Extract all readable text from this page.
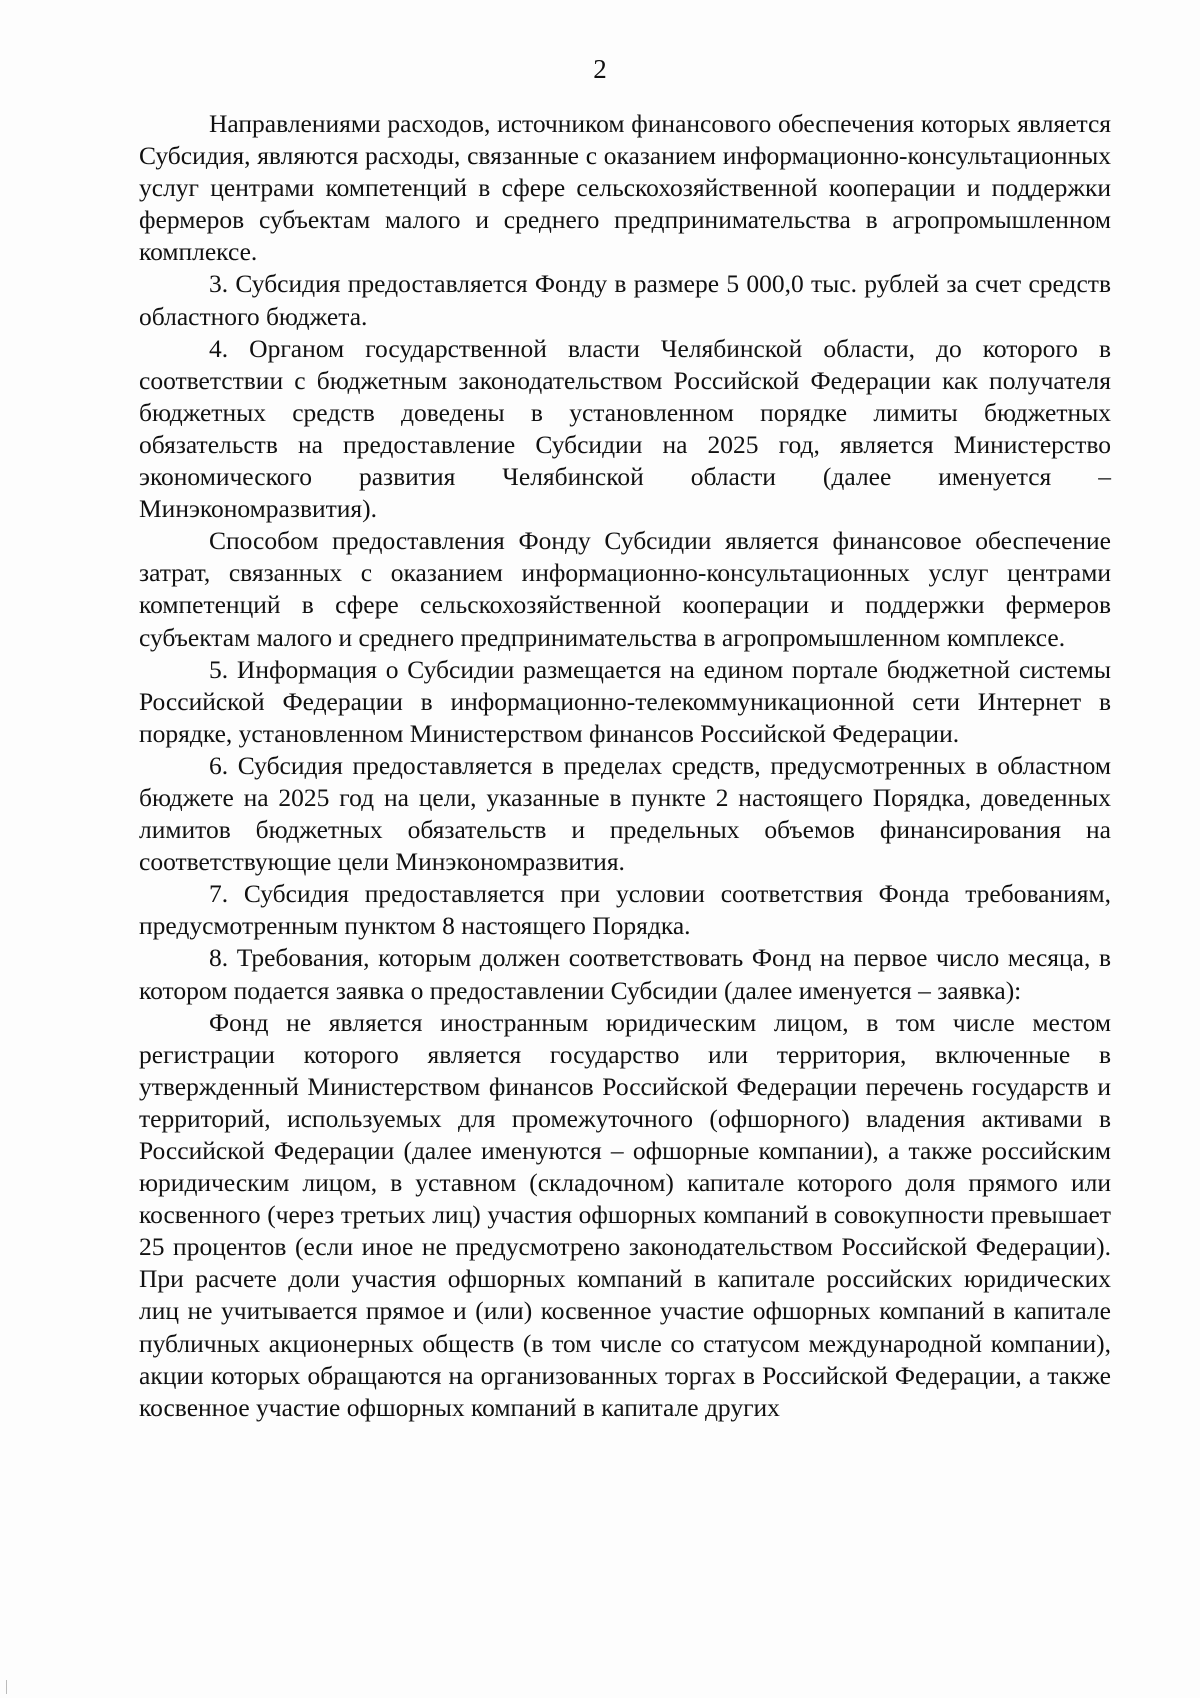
2

Направлениями расходов, источником финансового обеспечения которых является Субсидия, являются расходы, связанные с оказанием информационно-консультационных услуг центрами компетенций в сфере сельскохозяйственной кооперации и поддержки фермеров субъектам малого и среднего предпринимательства в агропромышленном комплексе.

3. Субсидия предоставляется Фонду в размере 5 000,0 тыс. рублей за счет средств областного бюджета.

4. Органом государственной власти Челябинской области, до которого в соответствии с бюджетным законодательством Российской Федерации как получателя бюджетных средств доведены в установленном порядке лимиты бюджетных обязательств на предоставление Субсидии на 2025 год, является Министерство экономического развития Челябинской области (далее именуется – Минэкономразвития).

Способом предоставления Фонду Субсидии является финансовое обеспечение затрат, связанных с оказанием информационно-консультационных услуг центрами компетенций в сфере сельскохозяйственной кооперации и поддержки фермеров субъектам малого и среднего предпринимательства в агропромышленном комплексе.

5. Информация о Субсидии размещается на едином портале бюджетной системы Российской Федерации в информационно-телекоммуникационной сети Интернет в порядке, установленном Министерством финансов Российской Федерации.

6. Субсидия предоставляется в пределах средств, предусмотренных в областном бюджете на 2025 год на цели, указанные в пункте 2 настоящего Порядка, доведенных лимитов бюджетных обязательств и предельных объемов финансирования на соответствующие цели Минэкономразвития.

7. Субсидия предоставляется при условии соответствия Фонда требованиям, предусмотренным пунктом 8 настоящего Порядка.

8. Требования, которым должен соответствовать Фонд на первое число месяца, в котором подается заявка о предоставлении Субсидии (далее именуется – заявка):

Фонд не является иностранным юридическим лицом, в том числе местом регистрации которого является государство или территория, включенные в утвержденный Министерством финансов Российской Федерации перечень государств и территорий, используемых для промежуточного (офшорного) владения активами в Российской Федерации (далее именуются – офшорные компании), а также российским юридическим лицом, в уставном (складочном) капитале которого доля прямого или косвенного (через третьих лиц) участия офшорных компаний в совокупности превышает 25 процентов (если иное не предусмотрено законодательством Российской Федерации). При расчете доли участия офшорных компаний в капитале российских юридических лиц не учитывается прямое и (или) косвенное участие офшорных компаний в капитале публичных акционерных обществ (в том числе со статусом международной компании), акции которых обращаются на организованных торгах в Российской Федерации, а также косвенное участие офшорных компаний в капитале других
